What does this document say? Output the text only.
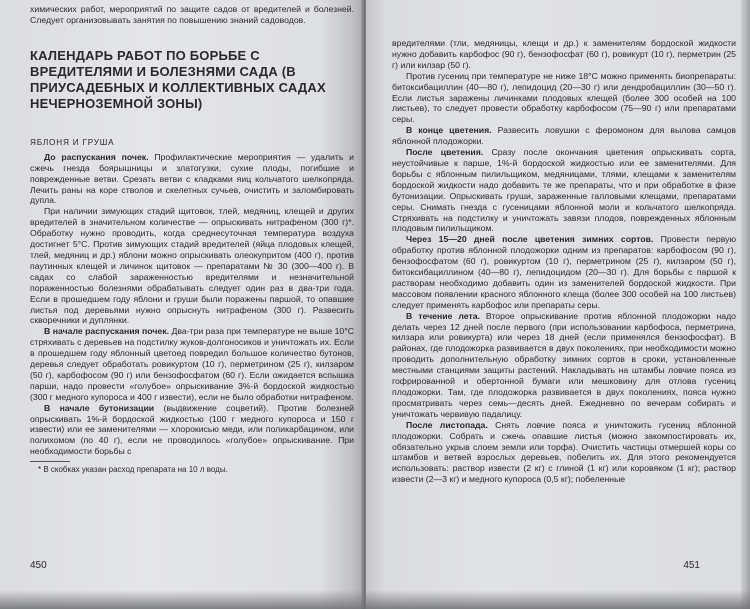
химических работ, мероприятий по защите садов от вредителей и болезней. Следует организовывать занятия по повышению знаний садоводов.

КАЛЕНДАРЬ РАБОТ ПО БОРЬБЕ С ВРЕДИТЕЛЯМИ И БОЛЕЗНЯМИ САДА (В ПРИУСАДЕБНЫХ И КОЛЛЕКТИВНЫХ САДАХ НЕЧЕРНОЗЕМНОЙ ЗОНЫ)
ЯБЛОНЯ И ГРУША

До распускания почек. Профилактические мероприятия — удалить и сжечь гнезда боярышницы и златогузки, сухие плоды, погибшие и поврежденные ветви. Срезать ветви с кладками яиц кольчатого шелкопряда. Лечить раны на коре стволов и скелетных сучьев, очистить и заломбировать дупла.

При наличии зимующих стадий щитовок, тлей, медяниц, клещей и других вредителей в значительном количестве — опрыскивать нитрафеном (300 г)*. Обработку нужно проводить, когда среднесуточная температура воздуха достигнет 5°С. Против зимующих стадий вредителей (яйца плодовых клещей, тлей, медяниц и др.) яблони можно опрыскивать олеокупритом (400 г), против паутинных клещей и личинок щитовок — препаратами № 30 (300—400 г). В садах со слабой зараженностью вредителями и незначительной пораженностью болезнями обрабатывать следует один раз в два-три года. Если в прошедшем году яблони и груши были поражены паршой, то опавшие листья под деревьями нужно опрыснуть нитрафеном (300 г). Развесить скворечники и дуплянки.

В начале распускания почек. Два-три раза при температуре не выше 10°С стряхивать с деревьев на подстилку жуков-долгоносиков и уничтожать их. Если в прошедшем году яблонный цветоед повредил большое количество бутонов, деревья следует обработать ровикуртом (10 г), перметрином (25 г), килзаром (50 г), карбофосом (90 г) или бензофосфатом (60 г). Если ожидается вспышка парши, надо провести «голубое» опрыскивание 3%-й бордоской жидкостью (300 г медного купороса и 400 г извести), если не было обработки нитрафеном.

В начале бутонизации (выдвижение соцветий). Против болезней опрыскивать 1%-й бордоской жидкостью (100 г медного купороса и 150 г извести) или ее заменителями — хлорокисью меди, или поликарбацином, или полихомом (по 40 г), если не проводилось «голубое» опрыскивание. При необходимости борьбы с

* В скобках указан расход препарата на 10 л воды.
450

вредителями (тли, медяницы, клещи и др.) к заменителям бордоской жидкости нужно добавить карбофос (90 г), бензофосфат (60 г), ровикурт (10 г), перметрин (25 г) или килзар (50 г).

Против гусениц при температуре не ниже 18°С можно применять биопрепараты: битоксибациллин (40—80 г), лепидоцид (20—30 г) или дендробациллин (30—50 г). Если листья заражены личинками плодовых клещей (более 300 особей на 100 листьев), то следует провести обработку карбофосом (75—90 г) или препаратами серы.

В конце цветения. Развесить ловушки с феромоном для вылова самцов яблонной плодожорки.

После цветения. Сразу после окончания цветения опрыскивать сорта, неустойчивые к парше, 1%-й бордоской жидкостью или ее заменителями. Для борьбы с яблонным пилильщиком, медяницами, тлями, клещами к заменителям бордоской жидкости надо добавить те же препараты, что и при обработке в фазе бутонизации. Опрыскивать груши, зараженные галловыми клещами, препаратами серы. Снимать гнезда с гусеницами яблонной моли и кольчатого шелкопряда. Стряхивать на подстилку и уничтожать завязи плодов, поврежденных яблонным плодовым пилильщиком.

Через 15—20 дней после цветения зимних сортов. Провести первую обработку против яблонной плодожорки одним из препаратов: карбофосом (90 г), бензофосфатом (60 г), ровикуртом (10 г), перметрином (25 г), килзаром (50 г), битоксибациллином (40—80 г), лепидоцидом (20—30 г). Для борьбы с паршой к растворам необходимо добавить один из заменителей бордоской жидкости. При массовом появлении красного яблонного клеща (более 300 особей на 100 листьев) следует применять карбофос или препараты серы.

В течение лета. Второе опрыскивание против яблонной плодожорки надо делать через 12 дней после первого (при использовании карбофоса, перметрина, килзара или ровикурта) или через 18 дней (если применялся бензофосфат). В районах, где плодожорка развивается в двух поколениях, при необходимости можно проводить дополнительную обработку зимних сортов в сроки, установленные местными станциями защиты растений. Накладывать на штамбы ловчие пояса из гофрированной и обертонной бумаги или мешковину для отлова гусениц плодожорки. Там, где плодожорка развивается в двух поколениях, пояса нужно просматривать через семь—десять дней. Ежедневно по вечерам собирать и уничтожать червивую падалицу.

После листопада. Снять ловчие пояса и уничтожить гусениц яблонной плодожорки. Собрать и сжечь опавшие листья (можно закомпостировать их, обязательно укрыв слоем земли или торфа). Очистить частицы отмершей коры со штамбов и ветвей взрослых деревьев, побелить их. Для этого рекомендуется использовать: раствор извести (2 кг) с глиной (1 кг) или коровяком (1 кг); раствор извести (2—3 кг) и медного купороса (0,5 кг); побеленные

451
